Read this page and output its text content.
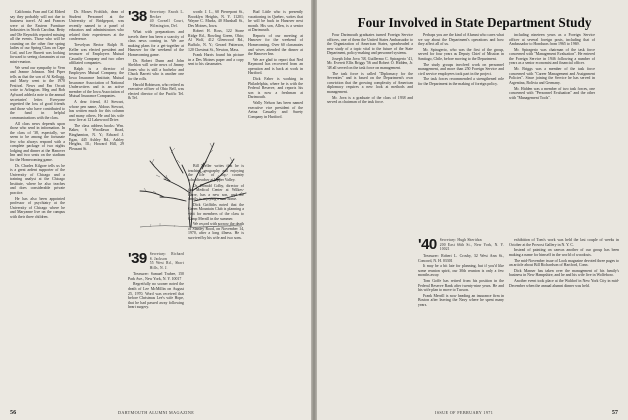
California. Fran and Cal Eldred say they probably will not due to business travel. Al and Frances were at the Eastern Furniture Industries in North Carolina. Betty and Ole Reynolds reported missing all the events. Those who will be counting on the other fine spring ladies of our Spring Class on Cape Cod, and Lee Barrett was looking forward to seeing classmates at our mini-reunion.

We send our sympathy to Vern and Jeanne Johnson. Ned Piper tells us that the son of Al Kellogg, and Marty went to the 1970 Festival. News and Em Orcutt write to Arlington. Meg and Bob Aylward added a note to the annual secretaries' letter. Everyone regretted the loss of good friends and those who have contributed to the fund in helpful communications with the class.

All class news depends upon those who send in information. In the class of '38, especially, we seem to be among the fortunate few who always respond with a complete package of two nights lodging and dinner at the Hanover Inn and two seats on the stadium for the Homecoming game.

Dr. Charles Kilgore tells us he is a great ardent supporter of the University of Chicago and a training analyst at the Chicago Institute, where he also teaches and does considerable private practice.

He has also been appointed professor of psychiatry at the University of Chicago where he and Maryanne live on the campus with their three children.

Dr. Moses Frohlich, dean of Student Personnel at the University of Bridgeport, was recently named to a panel of educators and administrators who related their experiences at the conference.

Trevelyan Rector Ralph B. Keller was elected president and treasurer of Employers Mutual Casualty Company and two other affiliated companies.

Ralph is a director of Employers Mutual Company, the Iowa Insurance Institute, Mutual Insurance Association of National Underwriters and is an active member of the Iowa Association of Mutual Insurance Companies.

A dear friend, Al Stewart, whose pen name, Aldous Stewart, has written much for this column and many others. He and his wife now live at 12 Lakewood Drive.

The class address books: Wm. Baker, 6 Woodlawn Road, Binghamton, N. Y.; Edward J. Egan, 445 Ashley Rd., Ashley Heights, Ill.; Howard Hill, 29 Pleasant St.

'38 Secretary: Enoch L. Becker
40 Cornell Court, Wilmington, Del.

What with preparations and travels there has been a scarcity of class news coming in. We are making plans for a get-together at Hanover for the weekend of the Homecoming game.

Dr. Robert Dunn and John Sheldon will write news of Jimmy Jones who is still a bachelor and Chuck Barrett who is another one for the rolls.

Harold Robinson, who retired as executive officer of Ohio Bell, was elected director of the Pacific Tel. & Tel.

'39 Secretary: Richard S. Jackson
55 West Rd., Short Hills, N. J.

Treasurer: Samuel Trubee, 150 Park Ave., New York, N. Y. 10017

Regretfully no sooner noted the death of Lee McMillin on August 25, 1970. Word was received that before Christmas Lee's wife Hope, that he had passed away following heart surgery.

worth: J. L., 60 Pierrepont St., Brooklyn Heights, N. Y. 11201; Wayne C. Marks, 40 Marshall St., Des Moines, Iowa.

Robert H. Ross, 122 Stone Ridge Rd., Bowling Green, Ohio; Al Wolf, 412 Glenwood Rd., Buffalo, N. Y.; Gerard Patterson, 120 Chestnut St., Newton, Mass.

Frank Harris found his picture in a Des Moines paper and a copy sent to his classmates.

Bill Weller writes that he is teaching geography and enjoying the life of the country schoolteacher at Upper Valley.

Dr. Donald Colby, director of the Medical Center at Wilkes-Barre, has a new son, and the family is enjoying a new home.

Dick Griffiths noted that the Green Mountain Club is planning a visit for members of the class to Camp Merrill in the summer.

We record with sorrow the death of Stanley Rood, on November 14, 1970, after a long illness. He is survived by his wife and two sons.

Bud Little who is presently vacationing in Quebec, writes that he will be back in Hanover next month. His son, Allen, is a senior at Dartmouth.

Reports of our meeting at Hanover for the weekend of Homecoming. Over 60 classmates and wives attended the dinner at the Hanover Inn.

We are glad to report that Ned Raymond has recovered from an operation and is back at work in Hartford.

Dick Faber is working in Philadelphia, where he is with the Federal Reserve, and reports his son is now a freshman at Dartmouth.

Wally Nelson has been named executive vice president of the Aetna Casualty and Surety Company in Hartford.

56	DARTMOUTH ALUMNI MAGAZINE
Four Involved in State Department Study

Four Dartmouth graduates turned Foreign Service officers, one of them the United States Ambassador to the Organization of American States, spearheaded a new study of a topic vital to the future of the State Department, policy-making and personnel systems.

Joseph John Jova '38, Guillermo C. Spiragerio '41, Mr. Everett Ellis Briggs '56 and Robert O. Hidden, Jr. '48 all served on the task force on management.

The task force is called "Diplomacy for the Seventies" and is based on the Department's own conviction that the growing complexity of American diplomacy requires a new look at methods and management.

Mr. Jova is a graduate of the class of 1938 and served as chairman of the task force.

Perhaps you are the kind of Alumni who cares what we say about the Department's operations and how they affect all of us.

Mr. Spiragerio, who was the first of the group, served for four years as Deputy Chief of Mission in Santiago, Chile, before moving to the Department.

The study groups involved work on personnel management, and more than 250 Foreign Service and civil service employees took part in the project.

The task forces recommended a strengthened role for the Department in the making of foreign policy.

including nineteen years as a Foreign Service officer at several foreign posts, including that of Ambassador to Honduras from 1965 to 1969.

Mr. Spiragerio was chairman of the task force concerned with "Management Evaluation". He entered the Foreign Service in 1946 following a number of years as a senior economist and financial officer.

Mr. Briggs was a member of the task force concerned with "Career Management and Assignment Policies". Since joining the Service he has served in Argentina, Bolivia and Germany.

Mr. Hidden was a member of two task forces, one concerned with "Personnel Evaluation" and the other with "Management Tools".

'40 Secretary: Hugh Sheridan
200 East 66th St., New York, N. Y. 10021

Treasurer: Robert L. Crosby, 32 West Ann St., Concord, N. H. 03301

It may be a bit late for planning, but if you'd like some reunion spirit, our 30th reunion is only a few months away.

Tom Goffe has retired from his position in the Federal Reserve Bank after twenty-nine years. He and his wife plan to move to Tucson.

Frank Merrill is now heading an insurance firm in Boston after leaving the Navy where he spent many years.

exhibition of Tom's work was held the last couple of weeks in October at the Provost Gallery in N. Y. C.

Instead of painting on canvas another of our group has been making a name for himself in the world of woodcuts.

The mid-November issue of Look magazine devoted three pages to an article about Bill Richardson of Hartford, Conn.

Dick Manser has taken over the management of his family's business in New Hampshire, and he and his wife live in Wolfeboro.

Another event took place at the Waldorf in New York City in mid-December when the annual alumni dinner was held.

ISSUE OF FEBRUARY 1971	57
